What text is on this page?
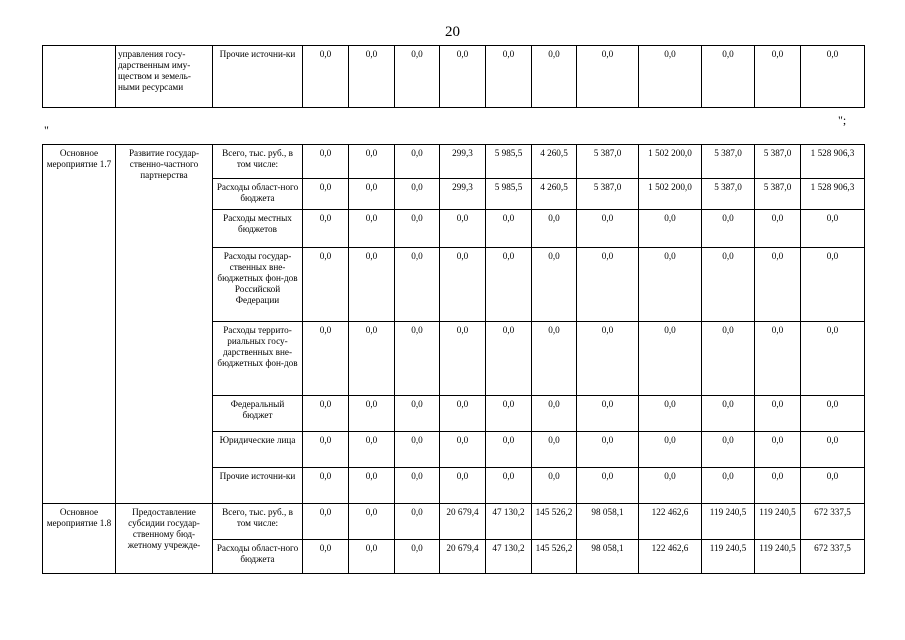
20
	управления госу-дарственным иму-ществом и земель-ными ресурсами	Прочие источни-ки	0,0	0,0	0,0	0,0	0,0	0,0	0,0	0,0	0,0	0,0	0,0
";
"
Основное мероприятие 1.7	Развитие государ-ственно-частного партнерства	Всего, тыс. руб., в том числе:	0,0	0,0	0,0	299,3	5 985,5	4 260,5	5 387,0	1 502 200,0	5 387,0	5 387,0	1 528 906,3
		Расходы област-ного бюджета	0,0	0,0	0,0	299,3	5 985,5	4 260,5	5 387,0	1 502 200,0	5 387,0	5 387,0	1 528 906,3
		Расходы местных бюджетов	0,0	0,0	0,0	0,0	0,0	0,0	0,0	0,0	0,0	0,0	0,0
		Расходы государ-ственных вне-бюджетных фон-дов Российской Федерации	0,0	0,0	0,0	0,0	0,0	0,0	0,0	0,0	0,0	0,0	0,0
		Расходы террито-риальных госу-дарственных вне-бюджетных фон-дов	0,0	0,0	0,0	0,0	0,0	0,0	0,0	0,0	0,0	0,0	0,0
		Федеральный бюджет	0,0	0,0	0,0	0,0	0,0	0,0	0,0	0,0	0,0	0,0	0,0
		Юридические лица	0,0	0,0	0,0	0,0	0,0	0,0	0,0	0,0	0,0	0,0	0,0
		Прочие источни-ки	0,0	0,0	0,0	0,0	0,0	0,0	0,0	0,0	0,0	0,0	0,0
Основное мероприятие 1.8	Предоставление субсидии государ-ственному бюд-жетному учрежде-	Всего, тыс. руб., в том числе:	0,0	0,0	0,0	20 679,4	47 130,2	145 526,2	98 058,1	122 462,6	119 240,5	119 240,5	672 337,5
		Расходы област-ного бюджета	0,0	0,0	0,0	20 679,4	47 130,2	145 526,2	98 058,1	122 462,6	119 240,5	119 240,5	672 337,5
